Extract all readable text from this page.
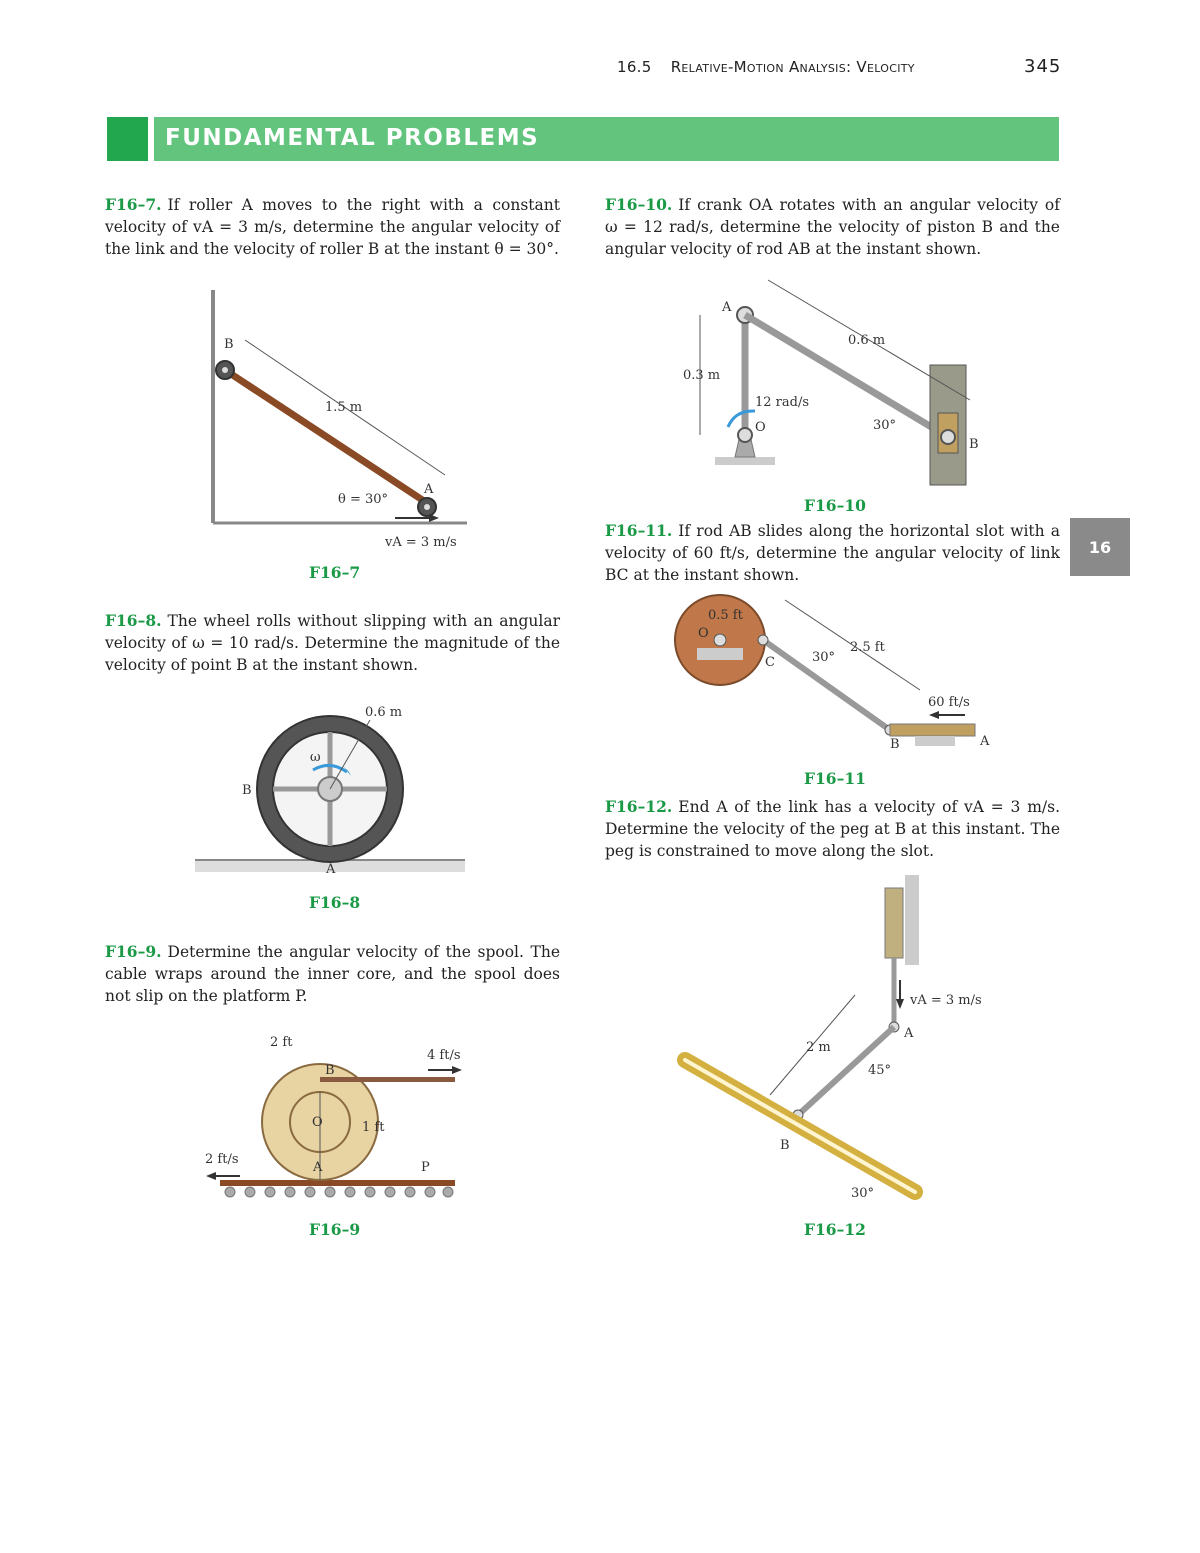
16.5 Relative-Motion Analysis: Velocity	345
FUNDAMENTAL PROBLEMS
16
F16–7. If roller A moves to the right with a constant velocity of vA = 3 m/s, determine the angular velocity of the link and the velocity of roller B at the instant θ = 30°.
B
A
1.5 m
θ = 30°
vA = 3 m/s
F16–7
F16–8. The wheel rolls without slipping with an angular velocity of ω = 10 rad/s. Determine the magnitude of the velocity of point B at the instant shown.
0.6 m
ω
B
A
F16–8
F16–9. Determine the angular velocity of the spool. The cable wraps around the inner core, and the spool does not slip on the platform P.
2 ft
4 ft/s
B
O	1 ft
A	P
2 ft/s
F16–9
F16–10. If crank OA rotates with an angular velocity of ω = 12 rad/s, determine the velocity of piston B and the angular velocity of rod AB at the instant shown.
A
0.6 m
0.3 m
12 rad/s
O	30°
B
F16–10
F16–11. If rod AB slides along the horizontal slot with a velocity of 60 ft/s, determine the angular velocity of link BC at the instant shown.
0.5 ft
O
C	30°
2.5 ft
60 ft/s
B	A
F16–11
F16–12. End A of the link has a velocity of vA = 3 m/s. Determine the velocity of the peg at B at this instant. The peg is constrained to move along the slot.
vA = 3 m/s
A
2 m
45°
B
30°
F16–12
